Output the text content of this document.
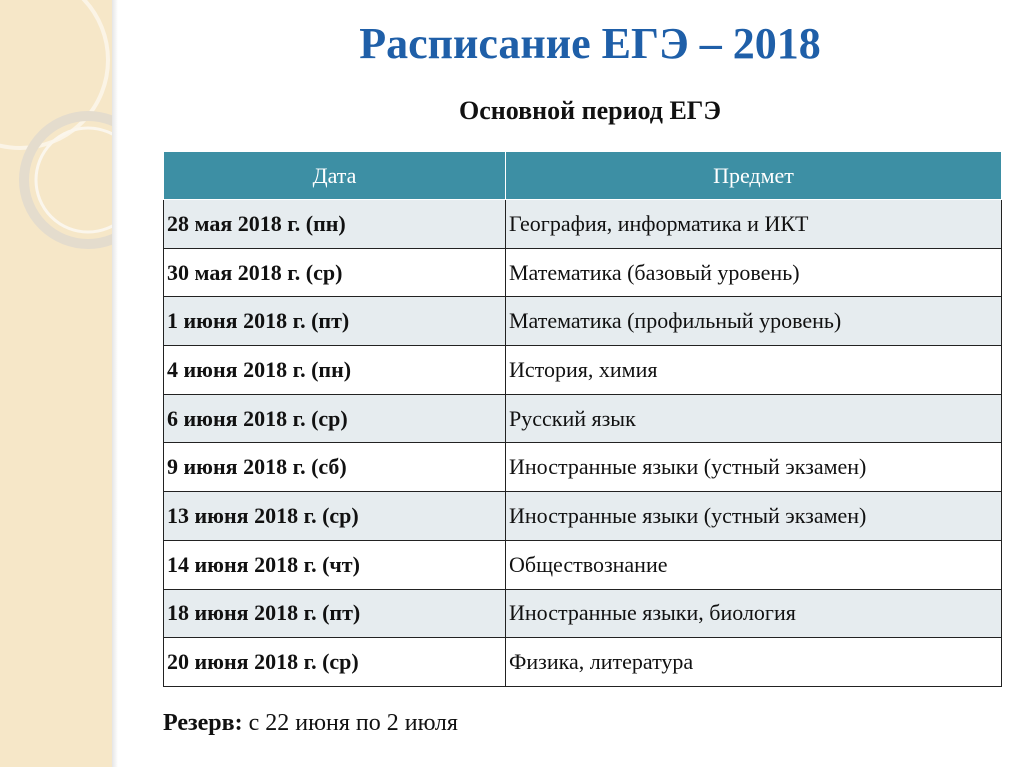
Расписание ЕГЭ – 2018
Основной период ЕГЭ
Дата	Предмет
28 мая 2018 г. (пн)	География, информатика и ИКТ
30 мая 2018 г. (ср)	Математика (базовый уровень)
1 июня 2018 г. (пт)	Математика (профильный уровень)
4 июня 2018 г. (пн)	История, химия
6 июня 2018 г. (ср)	Русский язык
9 июня 2018 г. (сб)	Иностранные языки (устный экзамен)
13 июня 2018 г. (ср)	Иностранные языки (устный экзамен)
14 июня 2018 г. (чт)	Обществознание
18 июня 2018 г. (пт)	Иностранные языки, биология
20 июня 2018 г. (ср)	Физика, литература
Резерв: с 22 июня по 2 июля
